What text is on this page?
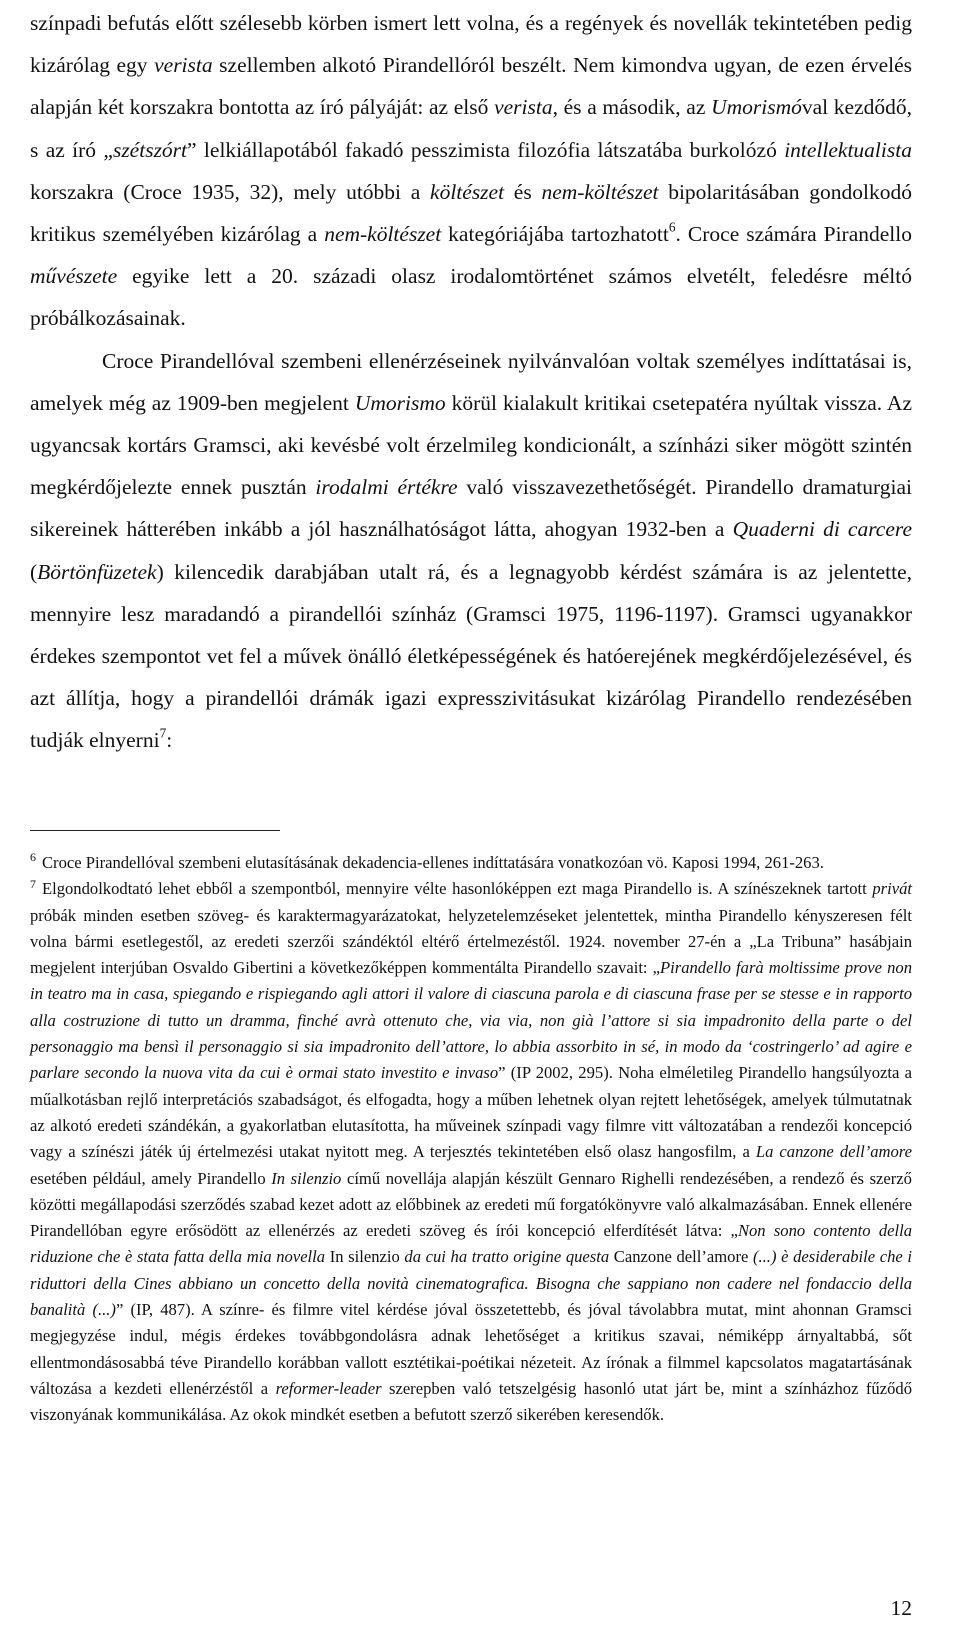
színpadi befutás előtt szélesebb körben ismert lett volna, és a regények és novellák tekintetében pedig kizárólag egy verista szellemben alkotó Pirandellóról beszélt. Nem kimondva ugyan, de ezen érvelés alapján két korszakra bontotta az író pályáját: az első verista, és a második, az Umorismóval kezdődő, s az író „szétszórt” lelkiállapotából fakadó pesszimista filozófia látszatába burkolózó intellektualista korszakra (Croce 1935, 32), mely utóbbi a költészet és nem-költészet bipolaritásában gondolkodó kritikus személyében kizárólag a nem-költészet kategóriájába tartozhatott$^6$. Croce számára Pirandello művészete egyike lett a 20. századi olasz irodalomtörténet számos elvetélt, feledésre méltó próbálkozásainak.

Croce Pirandellóval szembeni ellenérzéseinek nyilvánvalóan voltak személyes indíttatásai is, amelyek még az 1909-ben megjelent Umorismo körül kialakult kritikai csetepatéra nyúltak vissza. Az ugyancsak kortárs Gramsci, aki kevésbé volt érzelmileg kondicionált, a színházi siker mögött szintén megkérdőjelezte ennek pusztán irodalmi értékre való visszavezethetőségét. Pirandello dramaturgiai sikereinek hátterében inkább a jól használhatóságot látta, ahogyan 1932-ben a Quaderni di carcere (Börtönfüzetek) kilencedik darabjában utalt rá, és a legnagyobb kérdést számára is az jelentette, mennyire lesz maradandó a pirandellói színház (Gramsci 1975, 1196-1197). Gramsci ugyanakkor érdekes szempontot vet fel a művek önálló életképességének és hatóerejének megkérdőjelezésével, és azt állítja, hogy a pirandellói drámák igazi expresszivitásukat kizárólag Pirandello rendezésében tudják elnyerni$^7$:

$^6$ Croce Pirandellóval szembeni elutasításának dekadencia-ellenes indíttatására vonatkozóan vö. Kaposi 1994, 261-263.

$^7$ Elgondolkodtató lehet ebből a szempontból, mennyire vélte hasonlóképpen ezt maga Pirandello is. A színészeknek tartott privát próbák minden esetben szöveg- és karaktermagyarázatokat, helyzetelemzéseket jelentettek, mintha Pirandello kényszeresen félt volna bármi esetlegestől, az eredeti szerzői szándéktól eltérő értelmezéstől. 1924. november 27-én a „La Tribuna” hasábjain megjelent interjúban Osvaldo Gibertini a következőképpen kommentálta Pirandello szavait: „Pirandello farà moltissime prove non in teatro ma in casa, spiegando e rispiegando agli attori il valore di ciascuna parola e di ciascuna frase per se stesse e in rapporto alla costruzione di tutto un dramma, finché avrà ottenuto che, via via, non già l’attore si sia impadronito della parte o del personaggio ma bensì il personaggio si sia impadronito dell’attore, lo abbia assorbito in sé, in modo da ‘costringerlo’ ad agire e parlare secondo la nuova vita da cui è ormai stato investito e invaso” (IP 2002, 295). Noha elméletileg Pirandello hangsúlyozta a műalkotásban rejlő interpretációs szabadságot, és elfogadta, hogy a műben lehetnek olyan rejtett lehetőségek, amelyek túlmutatnak az alkotó eredeti szándékán, a gyakorlatban elutasította, ha műveinek színpadi vagy filmre vitt változatában a rendezői koncepció vagy a színészi játék új értelmezési utakat nyitott meg. A terjesztés tekintetében első olasz hangosfilm, a La canzone dell’amore esetében például, amely Pirandello In silenzio című novellája alapján készült Gennaro Righelli rendezésében, a rendező és szerző közötti megállapodási szerződés szabad kezet adott az előbbinek az eredeti mű forgatókönyvre való alkalmazásában. Ennek ellenére Pirandellóban egyre erősödött az ellenérzés az eredeti szöveg és írói koncepció elferdítését látva: „Non sono contento della riduzione che è stata fatta della mia novella In silenzio da cui ha tratto origine questa Canzone dell’amore (...) è desiderabile che i riduttori della Cines abbiano un concetto della novità cinematografica. Bisogna che sappiano non cadere nel fondaccio della banalità (...)” (IP, 487). A színre- és filmre vitel kérdése jóval összetettebb, és jóval távolabbra mutat, mint ahonnan Gramsci megjegyzése indul, mégis érdekes továbbgondolásra adnak lehetőséget a kritikus szavai, némiképp árnyaltabbá, sőt ellentmondásosabbá téve Pirandello korábban vallott esztétikai-poétikai nézeteit. Az írónak a filmmel kapcsolatos magatartásának változása a kezdeti ellenérzéstől a reformer-leader szerepben való tetszelgésig hasonló utat járt be, mint a színházhoz fűződő viszonyának kommunikálása. Az okok mindkét esetben a befutott szerző sikerében keresendők.

12
